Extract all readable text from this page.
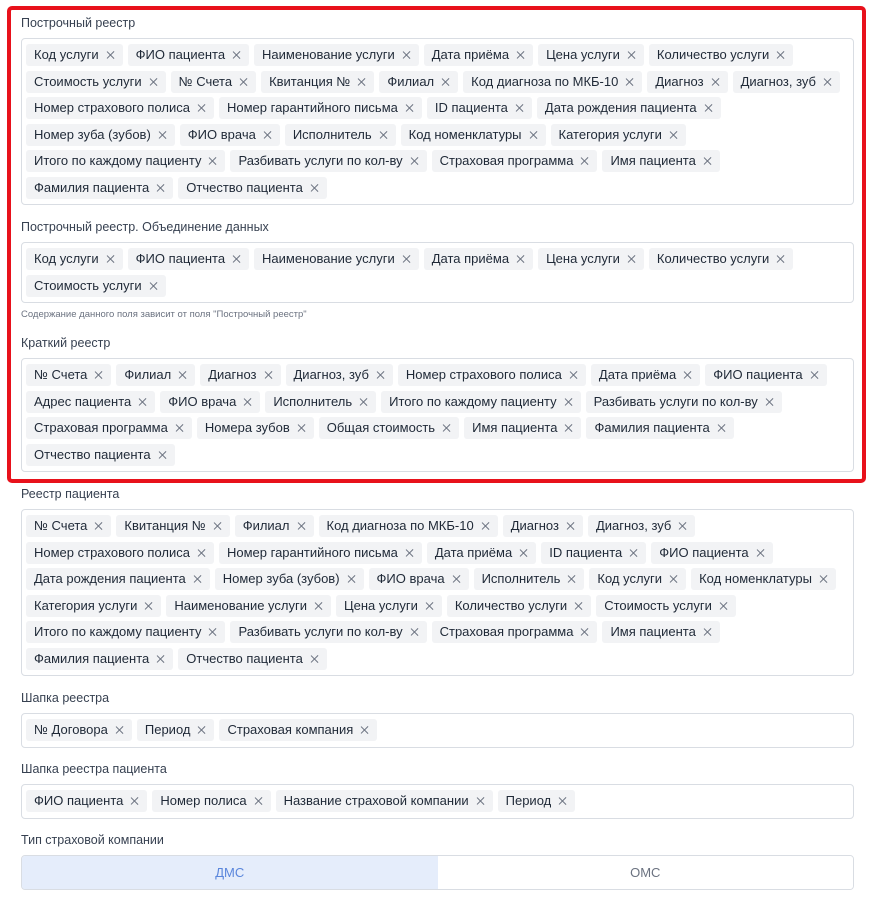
Построчный реестр
Код услуги	ФИО пациента	Наименование услуги	Дата приёма	Цена услуги	Количество услуги
Стоимость услуги	№ Счета	Квитанция №	Филиал	Код диагноза по МКБ-10	Диагноз	Диагноз, зуб
Номер страхового полиса	Номер гарантийного письма	ID пациента	Дата рождения пациента
Номер зуба (зубов)	ФИО врача	Исполнитель	Код номенклатуры	Категория услуги
Итого по каждому пациенту	Разбивать услуги по кол-ву	Страховая программа	Имя пациента
Фамилия пациента	Отчество пациента
Построчный реестр. Объединение данных
Код услуги	ФИО пациента	Наименование услуги	Дата приёма	Цена услуги	Количество услуги
Стоимость услуги
Содержание данного поля зависит от поля "Построчный реестр"
Краткий реестр
№ Счета	Филиал	Диагноз	Диагноз, зуб	Номер страхового полиса	Дата приёма	ФИО пациента
Адрес пациента	ФИО врача	Исполнитель	Итого по каждому пациенту	Разбивать услуги по кол-ву
Страховая программа	Номера зубов	Общая стоимость	Имя пациента	Фамилия пациента
Отчество пациента
Реестр пациента
№ Счета	Квитанция №	Филиал	Код диагноза по МКБ-10	Диагноз	Диагноз, зуб
Номер страхового полиса	Номер гарантийного письма	Дата приёма	ID пациента	ФИО пациента
Дата рождения пациента	Номер зуба (зубов)	ФИО врача	Исполнитель	Код услуги	Код номенклатуры
Категория услуги	Наименование услуги	Цена услуги	Количество услуги	Стоимость услуги
Итого по каждому пациенту	Разбивать услуги по кол-ву	Страховая программа	Имя пациента
Фамилия пациента	Отчество пациента
Шапка реестра
№ Договора	Период	Страховая компания
Шапка реестра пациента
ФИО пациента	Номер полиса	Название страховой компании	Период
Тип страховой компании
ДМС	ОМС
